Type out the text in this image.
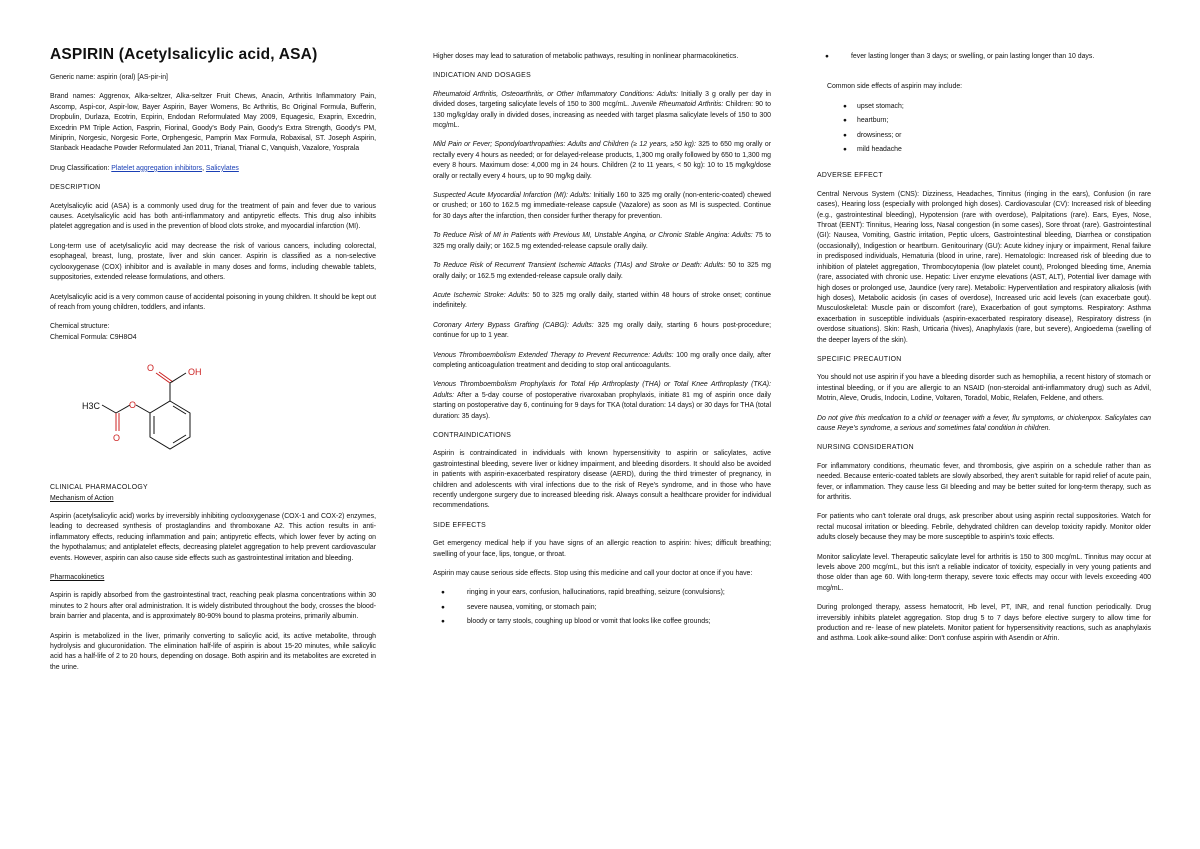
ASPIRIN (Acetylsalicylic acid, ASA)

Generic name: aspirin (oral) [AS-pir-in]

Brand names: Aggrenox, Alka-seltzer, Alka-seltzer Fruit Chews, Anacin, Arthritis Inflammatory Pain, Ascomp, Aspi-cor, Aspir-low, Bayer Aspirin, Bayer Womens, Bc Arthritis, Bc Original Formula, Bufferin, Dropbulin, Durlaza, Ecotrin, Ecpirin, Endodan Reformulated May 2009, Equagesic, Exaprin, Excedrin, Excedrin PM Triple Action, Fasprin, Fiorinal, Goody's Body Pain, Goody's Extra Strength, Goody's PM, Miniprin, Norgesic, Norgesic Forte, Orphengesic, Pamprin Max Formula, Robaxisal, ST. Joseph Aspirin, Stanback Headache Powder Reformulated Jan 2011, Trianal, Trianal C, Vanquish, Vazalore, Yosprala

Drug Classification: Platelet aggregation inhibitors, Salicylates

DESCRIPTION

Acetylsalicylic acid (ASA) is a commonly used drug for the treatment of pain and fever due to various causes. Acetylsalicylic acid has both anti-inflammatory and antipyretic effects. This drug also inhibits platelet aggregation and is used in the prevention of blood clots stroke, and myocardial infarction (MI).

Long-term use of acetylsalicylic acid may decrease the risk of various cancers, including colorectal, esophageal, breast, lung, prostate, liver and skin cancer. Aspirin is classified as a non-selective cyclooxygenase (COX) inhibitor and is available in many doses and forms, including chewable tablets, suppositories, extended release formulations, and others.

Acetylsalicylic acid is a very common cause of accidental poisoning in young children. It should be kept out of reach from young children, toddlers, and infants.

Chemical structure:

Chemical Formula: C9H8O4

OH
O
O
O
H3C
CLINICAL PHARMACOLOGY

Mechanism of Action

Aspirin (acetylsalicylic acid) works by irreversibly inhibiting cyclooxygenase (COX-1 and COX-2) enzymes, leading to decreased synthesis of prostaglandins and thromboxane A2. This action results in anti-inflammatory effects, reducing inflammation and pain; antipyretic effects, which lower fever by acting on the hypothalamus; and antiplatelet effects, decreasing platelet aggregation to help prevent cardiovascular events. However, aspirin can also cause side effects such as gastrointestinal irritation and bleeding.

Pharmacokinetics

Aspirin is rapidly absorbed from the gastrointestinal tract, reaching peak plasma concentrations within 30 minutes to 2 hours after oral administration. It is widely distributed throughout the body, crosses the blood-brain barrier and placenta, and is approximately 80-90% bound to plasma proteins, primarily albumin.

Aspirin is metabolized in the liver, primarily converting to salicylic acid, its active metabolite, through hydrolysis and glucuronidation. The elimination half-life of aspirin is about 15-20 minutes, while salicylic acid has a half-life of 2 to 20 hours, depending on dosage. Both aspirin and its metabolites are excreted in the urine.

Higher doses may lead to saturation of metabolic pathways, resulting in nonlinear pharmacokinetics.

INDICATION AND DOSAGES

Rheumatoid Arthritis, Osteoarthritis, or Other Inflammatory Conditions: Adults: Initially 3 g orally per day in divided doses, targeting salicylate levels of 150 to 300 mcg/mL. Juvenile Rheumatoid Arthritis: Children: 90 to 130 mg/kg/day orally in divided doses, increasing as needed with target plasma salicylate levels of 150 to 300 mcg/mL.

Mild Pain or Fever; Spondyloarthropathies: Adults and Children (≥ 12 years, ≥50 kg): 325 to 650 mg orally or rectally every 4 hours as needed; or for delayed-release products, 1,300 mg orally followed by 650 to 1,300 mg every 8 hours. Maximum dose: 4,000 mg in 24 hours. Children (2 to 11 years, < 50 kg): 10 to 15 mg/kg/dose orally or rectally every 4 hours, up to 90 mg/kg daily.

Suspected Acute Myocardial Infarction (MI): Adults: Initially 160 to 325 mg orally (non-enteric-coated) chewed or crushed; or 160 to 162.5 mg immediate-release capsule (Vazalore) as soon as MI is suspected. Continue for 30 days after the infarction, then consider further therapy for prevention.

To Reduce Risk of MI in Patients with Previous MI, Unstable Angina, or Chronic Stable Angina: Adults: 75 to 325 mg orally daily; or 162.5 mg extended-release capsule orally daily.

To Reduce Risk of Recurrent Transient Ischemic Attacks (TIAs) and Stroke or Death: Adults: 50 to 325 mg orally daily; or 162.5 mg extended-release capsule orally daily.

Acute Ischemic Stroke: Adults: 50 to 325 mg orally daily, started within 48 hours of stroke onset; continue indefinitely.

Coronary Artery Bypass Grafting (CABG): Adults: 325 mg orally daily, starting 6 hours post-procedure; continue for up to 1 year.

Venous Thromboembolism Extended Therapy to Prevent Recurrence: Adults: 100 mg orally once daily, after completing anticoagulation treatment and deciding to stop oral anticoagulants.

Venous Thromboembolism Prophylaxis for Total Hip Arthroplasty (THA) or Total Knee Arthroplasty (TKA): Adults: After a 5-day course of postoperative rivaroxaban prophylaxis, initiate 81 mg of aspirin once daily starting on postoperative day 6, continuing for 9 days for TKA (total duration: 14 days) or 30 days for THA (total duration: 35 days).

CONTRAINDICATIONS

Aspirin is contraindicated in individuals with known hypersensitivity to aspirin or salicylates, active gastrointestinal bleeding, severe liver or kidney impairment, and bleeding disorders. It should also be avoided in patients with aspirin-exacerbated respiratory disease (AERD), during the third trimester of pregnancy, in children and adolescents with viral infections due to the risk of Reye's syndrome, and in those who have recently undergone surgery due to increased bleeding risk. Always consult a healthcare provider for individual recommendations.

SIDE EFFECTS

Get emergency medical help if you have signs of an allergic reaction to aspirin: hives; difficult breathing; swelling of your face, lips, tongue, or throat.

Aspirin may cause serious side effects. Stop using this medicine and call your doctor at once if you have:

● ringing in your ears, confusion, hallucinations, rapid breathing, seizure (convulsions);
● severe nausea, vomiting, or stomach pain;
● bloody or tarry stools, coughing up blood or vomit that looks like coffee grounds;
● fever lasting longer than 3 days; or swelling, or pain lasting longer than 10 days.

Common side effects of aspirin may include:

● upset stomach;
● heartburn;
● drowsiness; or
● mild headache
ADVERSE EFFECT

Central Nervous System (CNS): Dizziness, Headaches, Tinnitus (ringing in the ears), Confusion (in rare cases), Hearing loss (especially with prolonged high doses). Cardiovascular (CV): Increased risk of bleeding (e.g., gastrointestinal bleeding), Hypotension (rare with overdose), Palpitations (rare). Ears, Eyes, Nose, Throat (EENT): Tinnitus, Hearing loss, Nasal congestion (in some cases), Sore throat (rare). Gastrointestinal (GI): Nausea, Vomiting, Gastric irritation, Peptic ulcers, Gastrointestinal bleeding, Diarrhea or constipation (occasionally), Indigestion or heartburn. Genitourinary (GU): Acute kidney injury or impairment, Renal failure in predisposed individuals, Hematuria (blood in urine, rare). Hematologic: Increased risk of bleeding due to inhibition of platelet aggregation, Thrombocytopenia (low platelet count), Prolonged bleeding time, Anemia (rare, associated with chronic use. Hepatic: Liver enzyme elevations (AST, ALT), Potential liver damage with high doses or prolonged use, Jaundice (very rare). Metabolic: Hyperventilation and respiratory alkalosis (with high doses), Metabolic acidosis (in cases of overdose), Increased uric acid levels (can exacerbate gout). Musculoskeletal: Muscle pain or discomfort (rare), Exacerbation of gout symptoms. Respiratory: Asthma exacerbation in susceptible individuals (aspirin-exacerbated respiratory disease), Respiratory distress (in overdose situations). Skin: Rash, Urticaria (hives), Anaphylaxis (rare, but severe), Angioedema (swelling of the deeper layers of the skin).

SPECIFIC PRECAUTION

You should not use aspirin if you have a bleeding disorder such as hemophilia, a recent history of stomach or intestinal bleeding, or if you are allergic to an NSAID (non-steroidal anti-inflammatory drug) such as Advil, Motrin, Aleve, Orudis, Indocin, Lodine, Voltaren, Toradol, Mobic, Relafen, Feldene, and others.

Do not give this medication to a child or teenager with a fever, flu symptoms, or chickenpox. Salicylates can cause Reye's syndrome, a serious and sometimes fatal condition in children.

NURSING CONSIDERATION

For inflammatory conditions, rheumatic fever, and thrombosis, give aspirin on a schedule rather than as needed. Because enteric-coated tablets are slowly absorbed, they aren't suitable for rapid relief of acute pain, fever, or inflammation. They cause less GI bleeding and may be better suited for long-term therapy, such as for arthritis.

For patients who can't tolerate oral drugs, ask prescriber about using aspirin rectal suppositories. Watch for rectal mucosal irritation or bleeding. Febrile, dehydrated children can develop toxicity rapidly. Monitor older adults closely because they may be more susceptible to aspirin's toxic effects.

Monitor salicylate level. Therapeutic salicylate level for arthritis is 150 to 300 mcg/mL. Tinnitus may occur at levels above 200 mcg/mL, but this isn't a reliable indicator of toxicity, especially in very young patients and those older than age 60. With long-term therapy, severe toxic effects may occur with levels exceeding 400 mcg/mL.

During prolonged therapy, assess hematocrit, Hb level, PT, INR, and renal function periodically. Drug irreversibly inhibits platelet aggregation. Stop drug 5 to 7 days before elective surgery to allow time for production and re- lease of new platelets. Monitor patient for hypersensitivity reactions, such as anaphylaxis and asthma. Look alike-sound alike: Don't confuse aspirin with Asendin or Afrin.
